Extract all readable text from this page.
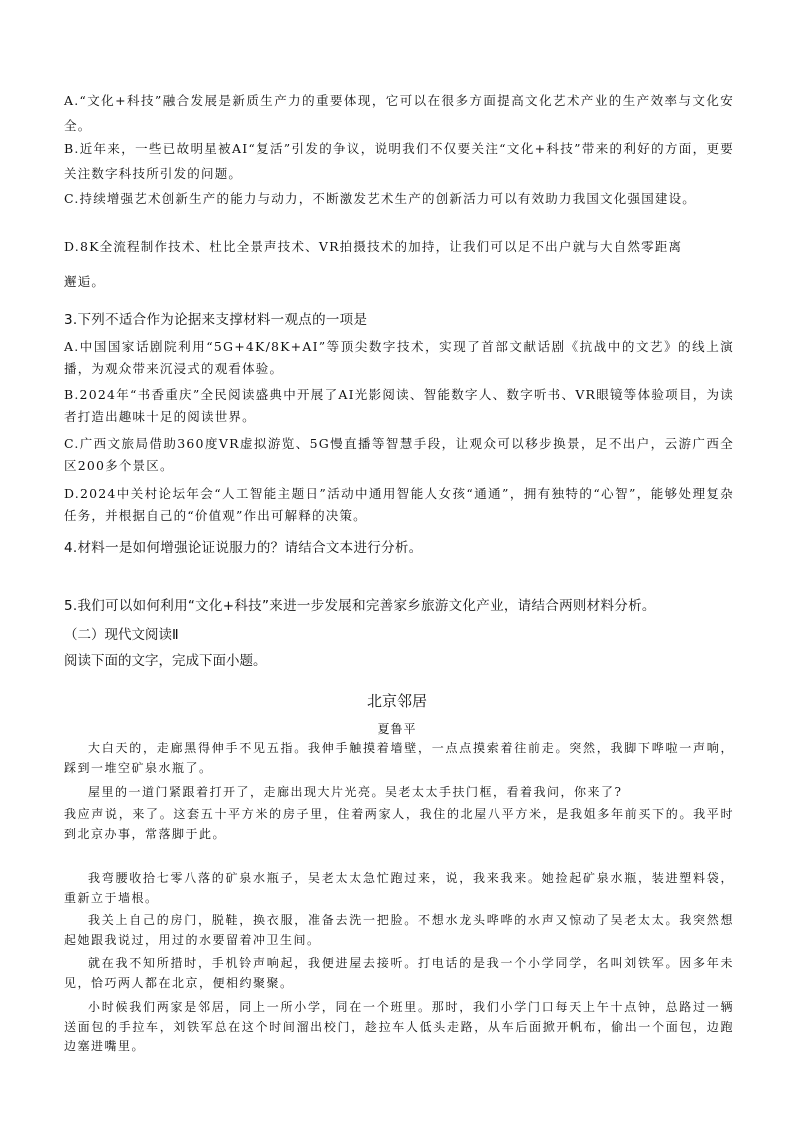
A.“文化+科技”融合发展是新质生产力的重要体现，它可以在很多方面提高文化艺术产业的生产效率与文化安全。
B.近年来，一些已故明星被AI“复活”引发的争议，说明我们不仅要关注“文化+科技”带来的利好的方面，更要关注数字科技所引发的问题。
C.持续增强艺术创新生产的能力与动力，不断激发艺术生产的创新活力可以有效助力我国文化强国建设。
D.8K全流程制作技术、杜比全景声技术、VR拍摄技术的加持，让我们可以足不出户就与大自然零距离
邂逅。
3.下列不适合作为论据来支撑材料一观点的一项是
A.中国国家话剧院利用“5G+4K/8K+AI”等顶尖数字技术，实现了首部文献话剧《抗战中的文艺》的线上演播，为观众带来沉浸式的观看体验。
B.2024年“书香重庆”全民阅读盛典中开展了AI光影阅读、智能数字人、数字听书、VR眼镜等体验项目，为读者打造出趣味十足的阅读世界。
C.广西文旅局借助360度VR虚拟游览、5G慢直播等智慧手段，让观众可以移步换景，足不出户，云游广西全区200多个景区。
D.2024中关村论坛年会“人工智能主题日”活动中通用智能人女孩“通通”，拥有独特的“心智”，能够处理复杂任务，并根据自己的“价值观”作出可解释的决策。
4.材料一是如何增强论证说服力的？请结合文本进行分析。
5.我们可以如何利用“文化+科技”来进一步发展和完善家乡旅游文化产业，请结合两则材料分析。
（二）现代文阅读Ⅱ
阅读下面的文字，完成下面小题。
北京邻居
夏鲁平
大白天的，走廊黑得伸手不见五指。我伸手触摸着墙壁，一点点摸索着往前走。突然，我脚下哗啦一声响，踩到一堆空矿泉水瓶了。
屋里的一道门紧跟着打开了，走廊出现大片光亮。吴老太太手扶门框，看着我问，你来了?
我应声说，来了。这套五十平方米的房子里，住着两家人，我住的北屋八平方米，是我姐多年前买下的。我平时到北京办事，常落脚于此。
我弯腰收拾七零八落的矿泉水瓶子，吴老太太急忙跑过来，说，我来我来。她捡起矿泉水瓶，装进塑料袋，重新立于墙根。
我关上自己的房门，脱鞋，换衣服，准备去洗一把脸。不想水龙头哗哗的水声又惊动了吴老太太。我突然想起她跟我说过，用过的水要留着冲卫生间。
就在我不知所措时，手机铃声响起，我便进屋去接听。打电话的是我一个小学同学，名叫刘铁军。因多年未见，恰巧两人都在北京，便相约聚聚。
小时候我们两家是邻居，同上一所小学，同在一个班里。那时，我们小学门口每天上午十点钟，总路过一辆送面包的手拉车，刘铁军总在这个时间溜出校门，趁拉车人低头走路，从车后面掀开帆布，偷出一个面包，边跑边塞进嘴里。
